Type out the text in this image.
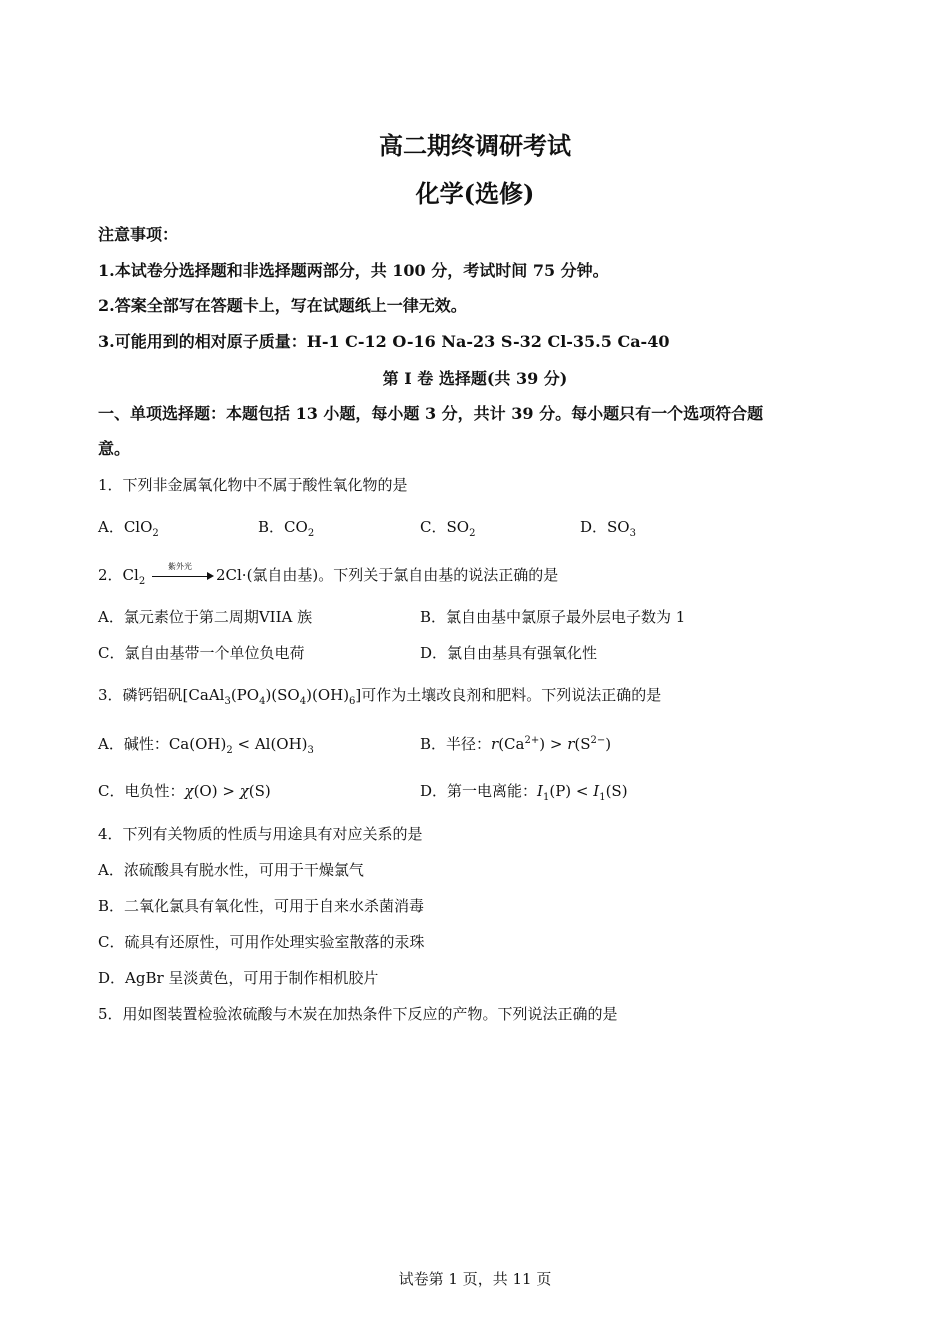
高二期终调研考试
化学(选修)
注意事项：
1.本试卷分选择题和非选择题两部分，共 100 分，考试时间 75 分钟。
2.答案全部写在答题卡上，写在试题纸上一律无效。
3.可能用到的相对原子质量：H-1 C-12 O-16 Na-23 S-32 Cl-35.5 Ca-40
第 I 卷 选择题(共 39 分)
一、单项选择题：本题包括 13 小题，每小题 3 分，共计 39 分。每小题只有一个选项符合题
意。
1．下列非金属氧化物中不属于酸性氧化物的是
A．ClO$_2$	B．$CO_2$	C．$SO_2$	D．$SO_3$
2．$Cl_2$
紫外光	2Cl·(氯自由基)。下列关于氯自由基的说法正确的是
A．氯元素位于第二周期VIIA 族	B．氯自由基中氯原子最外层电子数为 1
C．氯自由基带一个单位负电荷	D．氯自由基具有强氧化性
3．磷钙铝矾$[CaAl_3(PO_4)(SO_4)(OH)_6]$可作为土壤改良剂和肥料。下列说法正确的是
A．碱性：$Ca(OH)_2 < Al(OH)_3$	B．半径：$r(Ca^{2+}) > r(S^{2-})$
C．电负性：χ(O) > χ(S)	D．第一电离能：$I_1(P) < I_1(S)$
4．下列有关物质的性质与用途具有对应关系的是
A．浓硫酸具有脱水性，可用于干燥氯气
B．二氧化氯具有氧化性，可用于自来水杀菌消毒
C．硫具有还原性，可用作处理实验室散落的汞珠
D．AgBr 呈淡黄色，可用于制作相机胶片
5．用如图装置检验浓硫酸与木炭在加热条件下反应的产物。下列说法正确的是
试卷第 1 页，共 11 页
